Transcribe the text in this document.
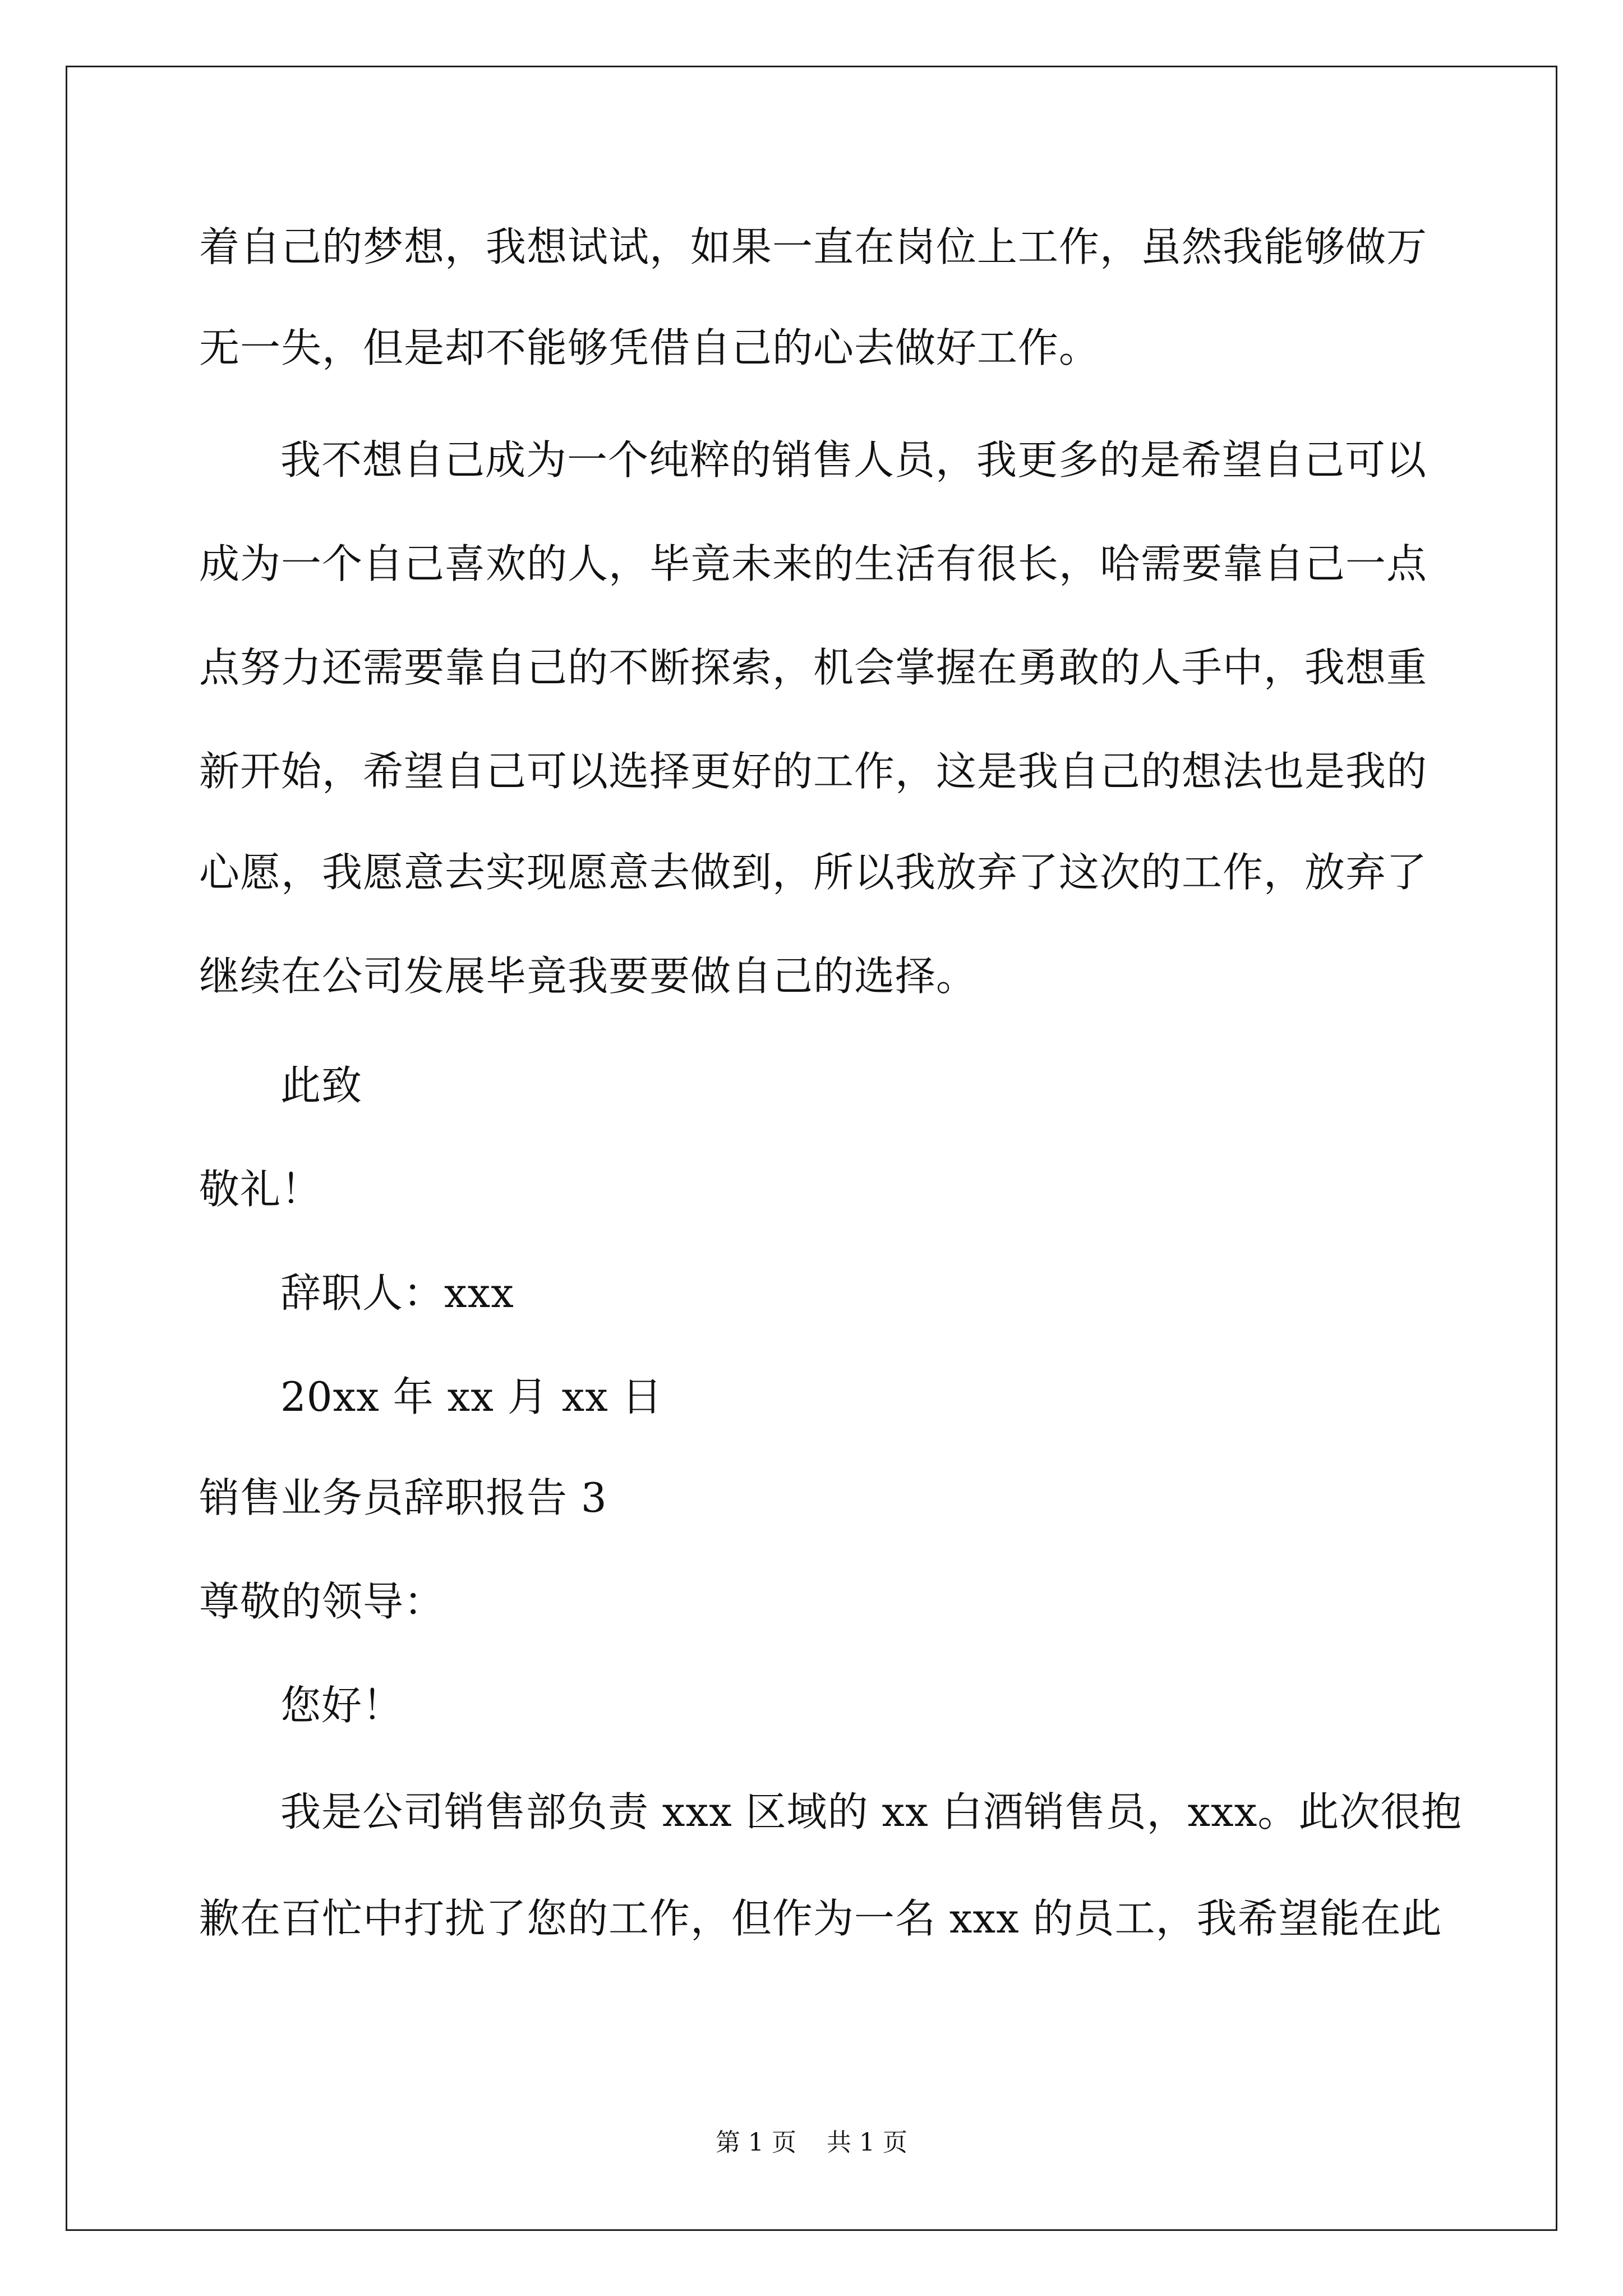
着自己的梦想，我想试试，如果一直在岗位上工作，虽然我能够做万
无一失，但是却不能够凭借自己的心去做好工作。
我不想自己成为一个纯粹的销售人员，我更多的是希望自己可以
成为一个自己喜欢的人，毕竟未来的生活有很长，哈需要靠自己一点
点努力还需要靠自己的不断探索，机会掌握在勇敢的人手中，我想重
新开始，希望自己可以选择更好的工作，这是我自己的想法也是我的
心愿，我愿意去实现愿意去做到，所以我放弃了这次的工作，放弃了
继续在公司发展毕竟我要要做自己的选择。
此致
敬礼！
辞职人：xxx
20xx 年 xx 月 xx 日
销售业务员辞职报告 3
尊敬的领导：
您好！
我是公司销售部负责 xxx 区域的 xx 白酒销售员，xxx。此次很抱
歉在百忙中打扰了您的工作，但作为一名 xxx 的员工，我希望能在此
第 1 页 共 1 页
